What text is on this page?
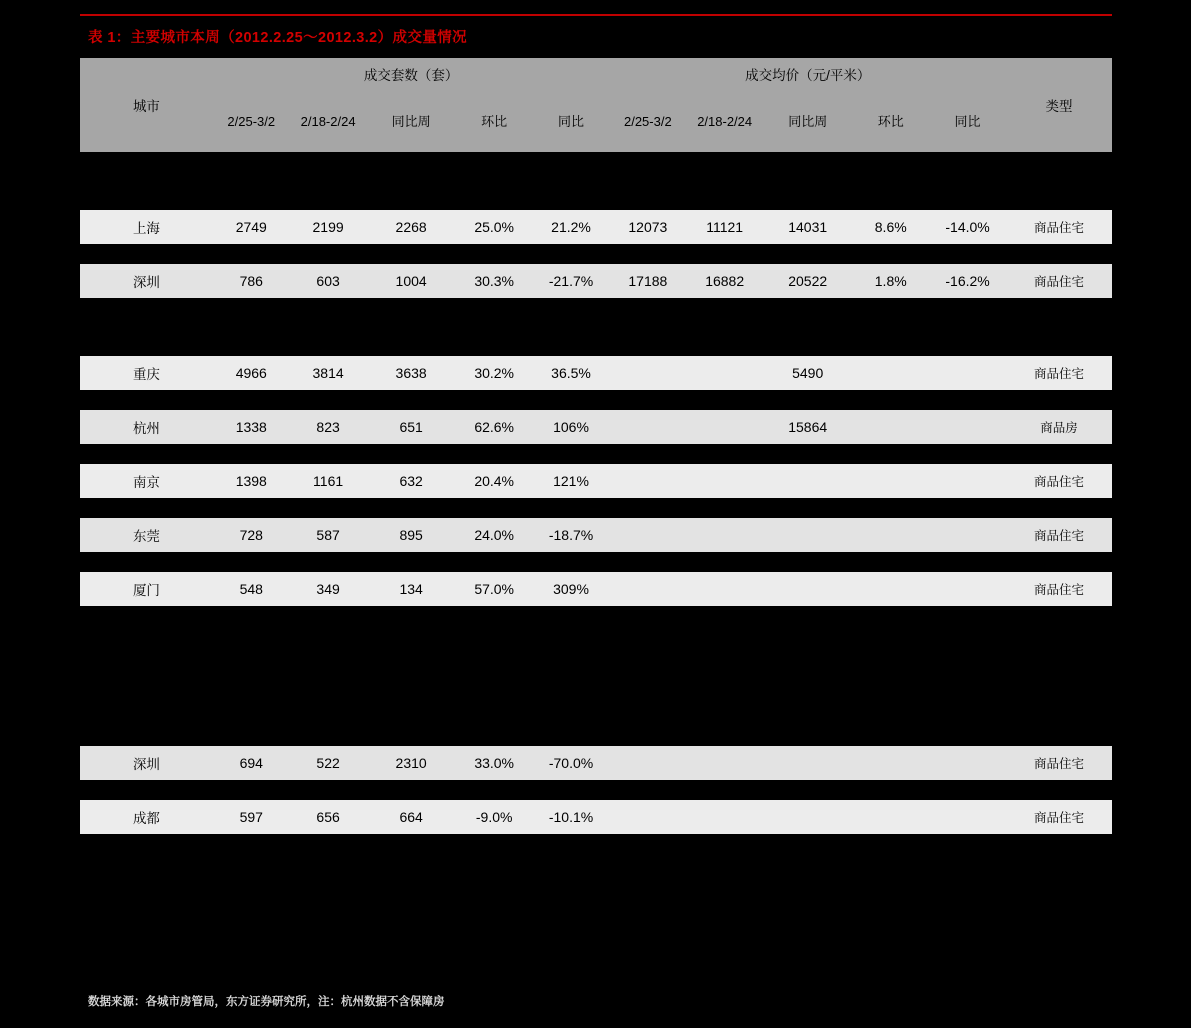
表 1：主要城市本周（2012.2.25～2012.3.2）成交量情况
城市	成交套数（套）					成交均价（元/平米）					类型
	2/25-3/2	2/18-2/24	同比周	环比	同比	2/25-3/2	2/18-2/24	同比周	环比	同比	

上海	2749	2199	2268	25.0%	21.2%	12073	11121	14031	8.6%	-14.0%	商品住宅

深圳	786	603	1004	30.3%	-21.7%	17188	16882	20522	1.8%	-16.2%	商品住宅

重庆	4966	3814	3638	30.2%	36.5%			5490			商品住宅

杭州	1338	823	651	62.6%	106%			15864			商品房

南京	1398	1161	632	20.4%	121%						商品住宅

东莞	728	587	895	24.0%	-18.7%						商品住宅

厦门	548	349	134	57.0%	309%						商品住宅

深圳	694	522	2310	33.0%	-70.0%						商品住宅

成都	597	656	664	-9.0%	-10.1%						商品住宅
数据来源：各城市房管局，东方证券研究所，注：杭州数据不含保障房
